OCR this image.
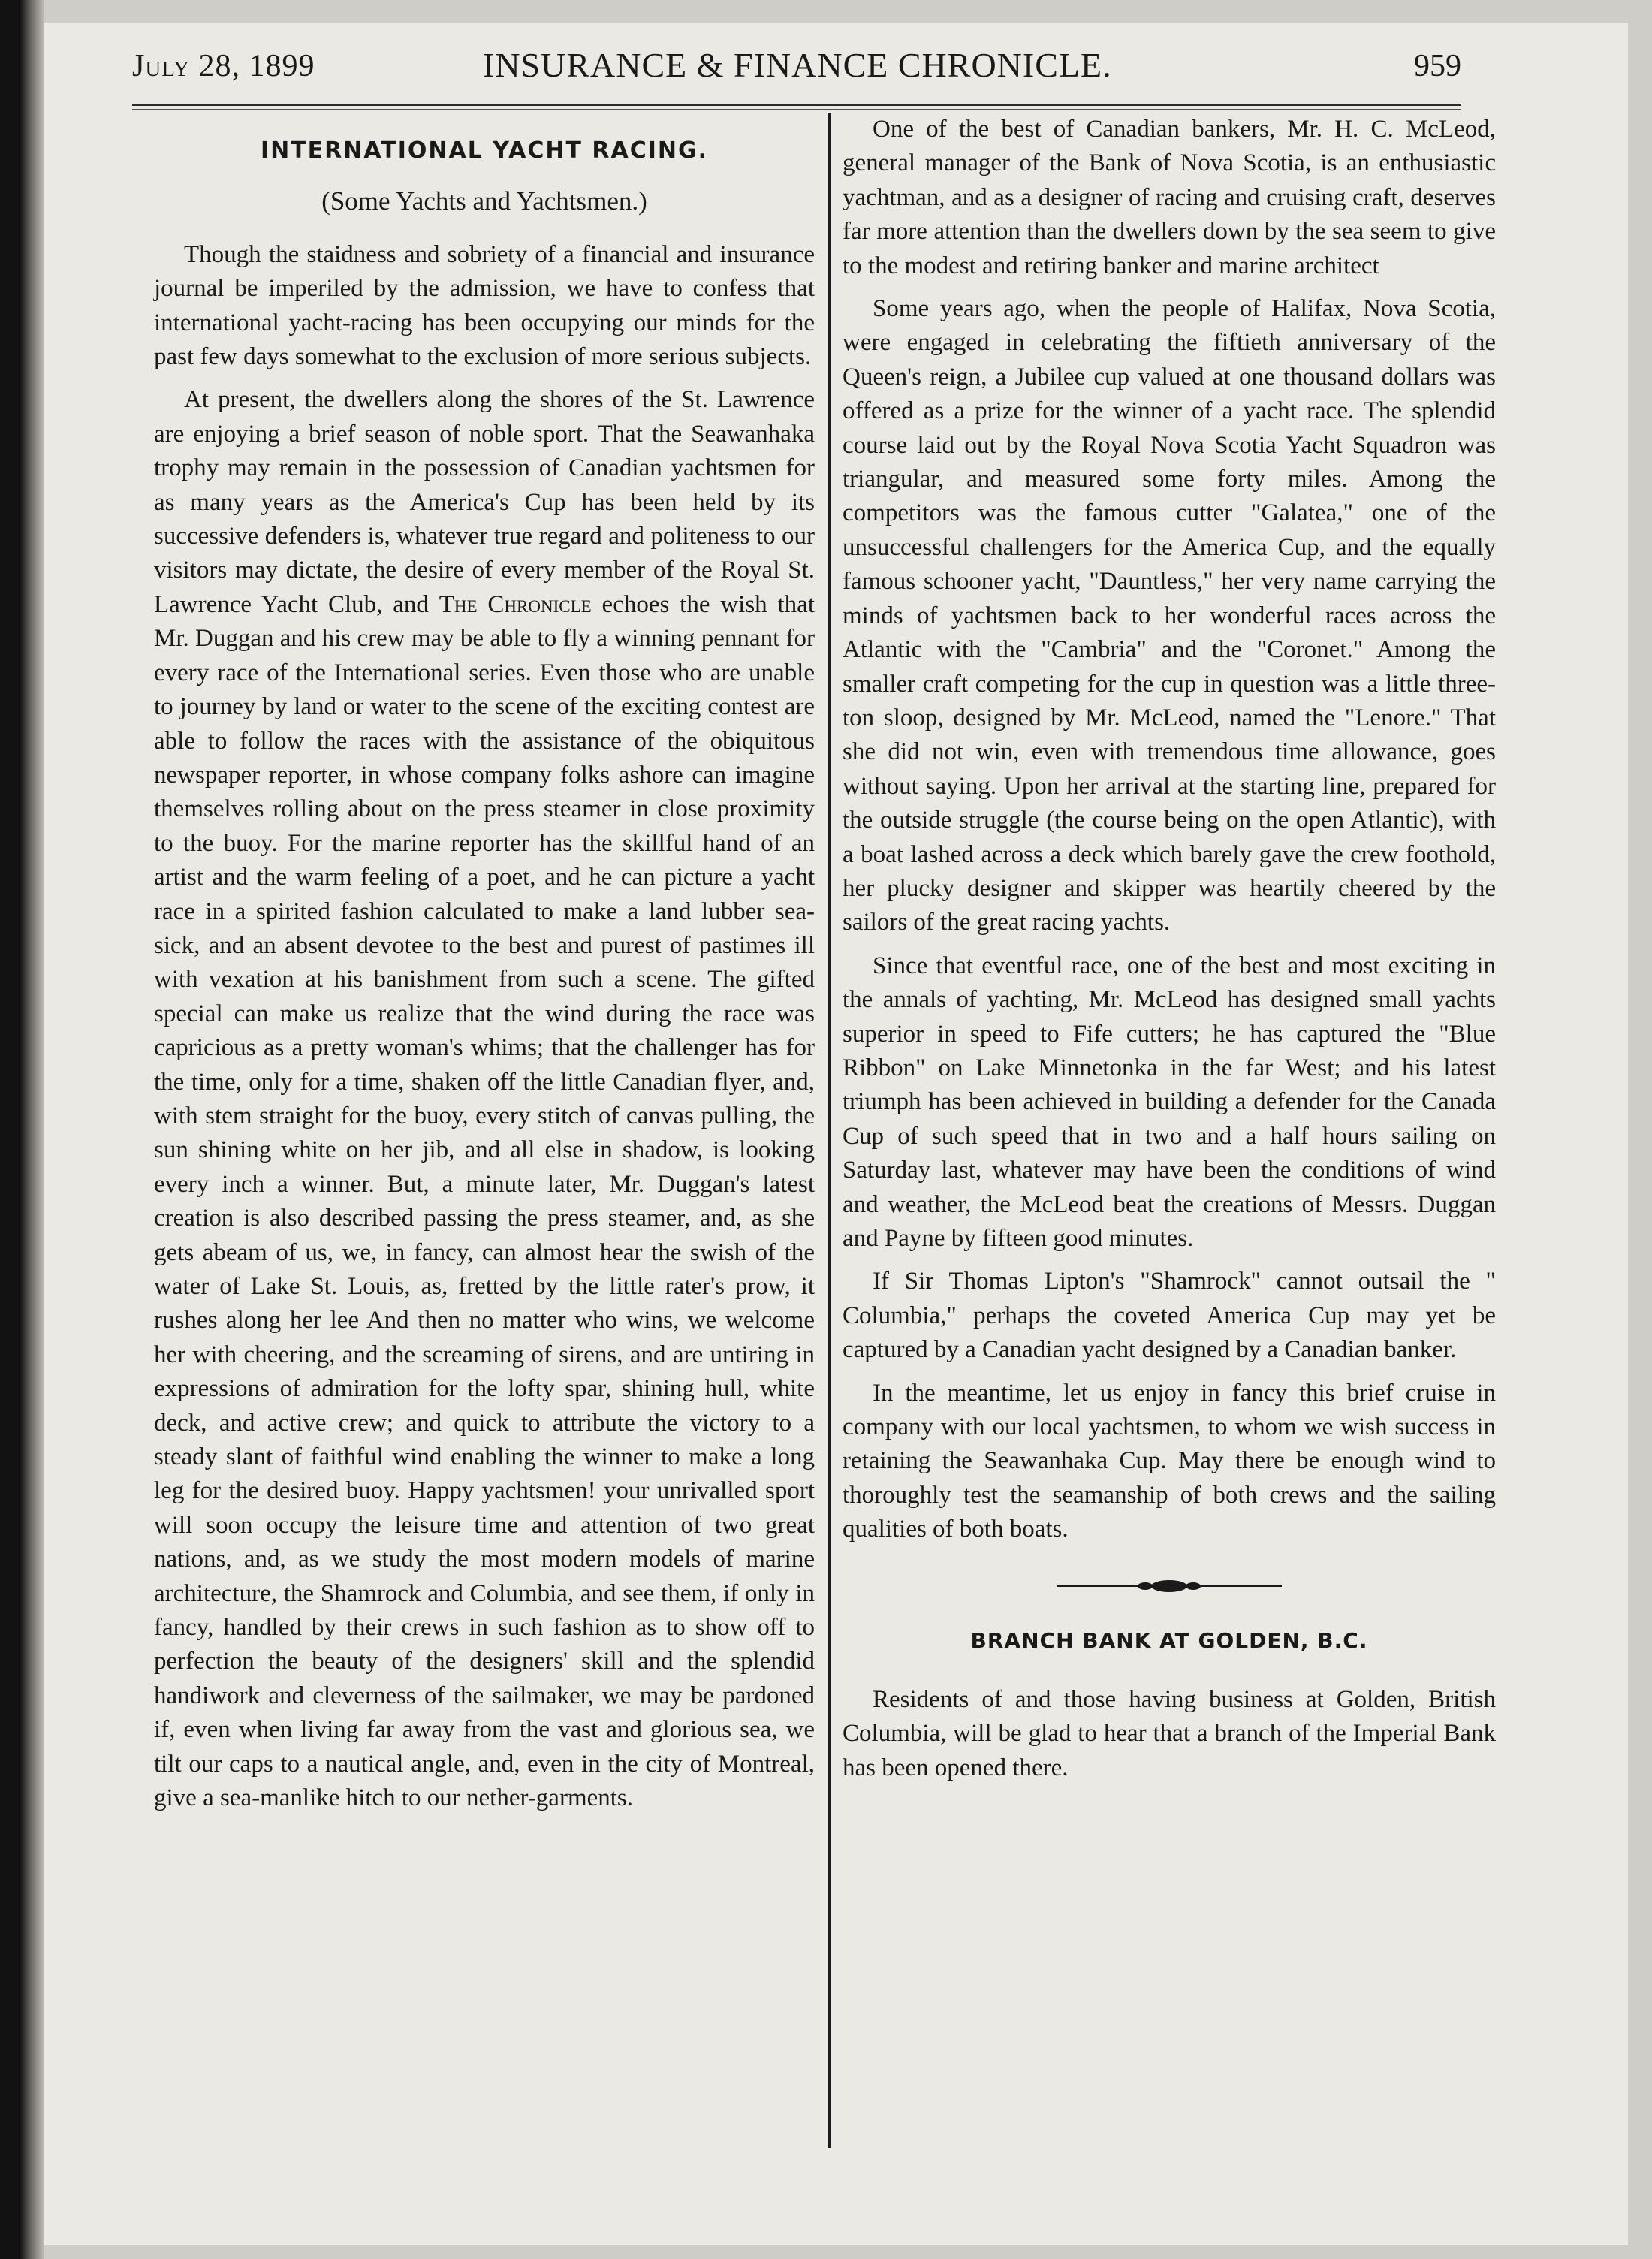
July 28, 1899	INSURANCE & FINANCE CHRONICLE.	959
INTERNATIONAL YACHT RACING.
(Some Yachts and Yachtsmen.)

Though the staidness and sobriety of a financial and insurance journal be imperiled by the admission, we have to confess that international yacht-racing has been occupying our minds for the past few days somewhat to the exclusion of more serious subjects.

At present, the dwellers along the shores of the St. Lawrence are enjoying a brief season of noble sport. That the Seawanhaka trophy may remain in the possession of Canadian yachtsmen for as many years as the America's Cup has been held by its successive defenders is, whatever true regard and politeness to our visitors may dictate, the desire of every member of the Royal St. Lawrence Yacht Club, and The Chronicle echoes the wish that Mr. Duggan and his crew may be able to fly a winning pennant for every race of the International series. Even those who are unable to journey by land or water to the scene of the exciting contest are able to follow the races with the assistance of the obiquitous newspaper reporter, in whose company folks ashore can imagine themselves rolling about on the press steamer in close proximity to the buoy. For the marine reporter has the skillful hand of an artist and the warm feeling of a poet, and he can picture a yacht race in a spirited fashion calculated to make a land lubber sea-sick, and an absent devotee to the best and purest of pastimes ill with vexation at his banishment from such a scene. The gifted special can make us realize that the wind during the race was capricious as a pretty woman's whims; that the challenger has for the time, only for a time, shaken off the little Canadian flyer, and, with stem straight for the buoy, every stitch of canvas pulling, the sun shining white on her jib, and all else in shadow, is looking every inch a winner. But, a minute later, Mr. Duggan's latest creation is also described passing the press steamer, and, as she gets abeam of us, we, in fancy, can almost hear the swish of the water of Lake St. Louis, as, fretted by the little rater's prow, it rushes along her lee And then no matter who wins, we welcome her with cheering, and the screaming of sirens, and are untiring in expressions of admiration for the lofty spar, shining hull, white deck, and active crew; and quick to attribute the victory to a steady slant of faithful wind enabling the winner to make a long leg for the desired buoy. Happy yachtsmen! your unrivalled sport will soon occupy the leisure time and attention of two great nations, and, as we study the most modern models of marine architecture, the Shamrock and Columbia, and see them, if only in fancy, handled by their crews in such fashion as to show off to perfection the beauty of the designers' skill and the splendid handiwork and cleverness of the sailmaker, we may be pardoned if, even when living far away from the vast and glorious sea, we tilt our caps to a nautical angle, and, even in the city of Montreal, give a sea-manlike hitch to our nether-garments.

One of the best of Canadian bankers, Mr. H. C. McLeod, general manager of the Bank of Nova Scotia, is an enthusiastic yachtman, and as a designer of racing and cruising craft, deserves far more attention than the dwellers down by the sea seem to give to the modest and retiring banker and marine architect

Some years ago, when the people of Halifax, Nova Scotia, were engaged in celebrating the fiftieth anniversary of the Queen's reign, a Jubilee cup valued at one thousand dollars was offered as a prize for the winner of a yacht race. The splendid course laid out by the Royal Nova Scotia Yacht Squadron was triangular, and measured some forty miles. Among the competitors was the famous cutter "Galatea," one of the unsuccessful challengers for the America Cup, and the equally famous schooner yacht, "Dauntless," her very name carrying the minds of yachtsmen back to her wonderful races across the Atlantic with the "Cambria" and the "Coronet." Among the smaller craft competing for the cup in question was a little three-ton sloop, designed by Mr. McLeod, named the "Lenore." That she did not win, even with tremendous time allowance, goes without saying. Upon her arrival at the starting line, prepared for the outside struggle (the course being on the open Atlantic), with a boat lashed across a deck which barely gave the crew foothold, her plucky designer and skipper was heartily cheered by the sailors of the great racing yachts.

Since that eventful race, one of the best and most exciting in the annals of yachting, Mr. McLeod has designed small yachts superior in speed to Fife cutters; he has captured the "Blue Ribbon" on Lake Minnetonka in the far West; and his latest triumph has been achieved in building a defender for the Canada Cup of such speed that in two and a half hours sailing on Saturday last, whatever may have been the conditions of wind and weather, the McLeod beat the creations of Messrs. Duggan and Payne by fifteen good minutes.

If Sir Thomas Lipton's "Shamrock" cannot outsail the " Columbia," perhaps the coveted America Cup may yet be captured by a Canadian yacht designed by a Canadian banker.

In the meantime, let us enjoy in fancy this brief cruise in company with our local yachtsmen, to whom we wish success in retaining the Seawanhaka Cup. May there be enough wind to thoroughly test the seamanship of both crews and the sailing qualities of both boats.

BRANCH BANK AT GOLDEN, B.C.

Residents of and those having business at Golden, British Columbia, will be glad to hear that a branch of the Imperial Bank has been opened there.
